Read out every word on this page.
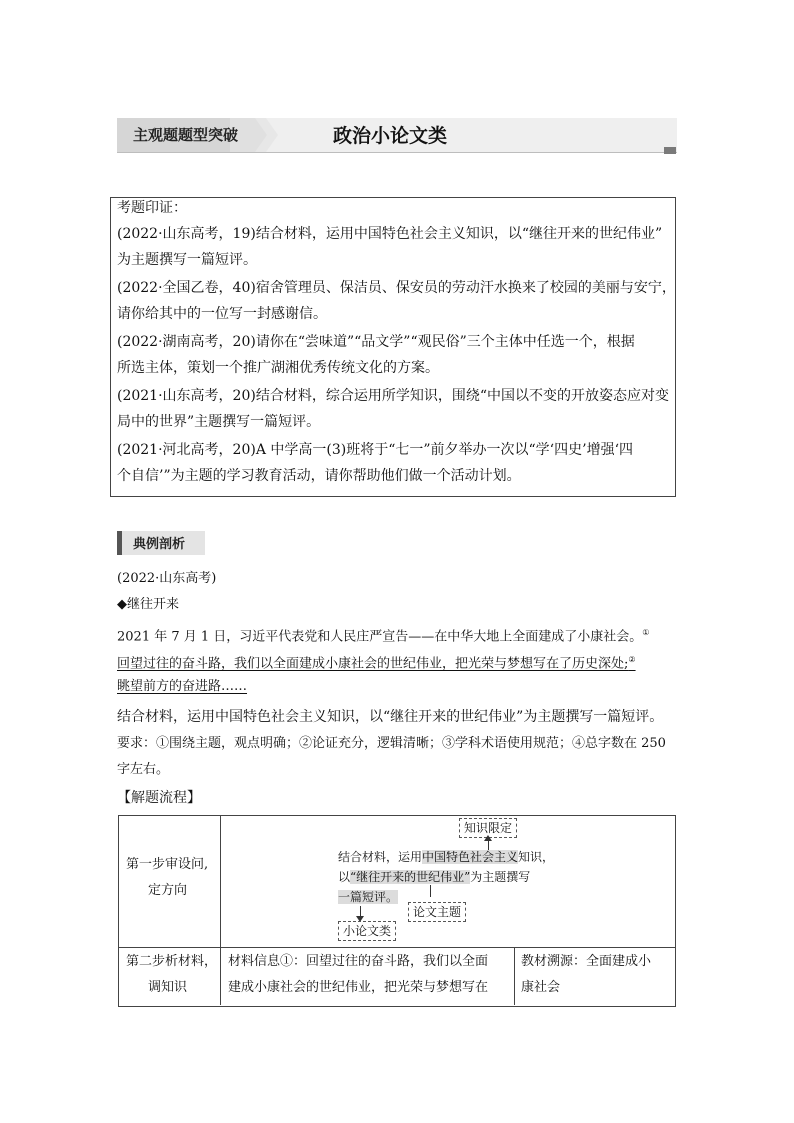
主观题题型突破	政治小论文类
考题印证：
(2022·山东高考，19)结合材料，运用中国特色社会主义知识，以“继往开来的世纪伟业”
为主题撰写一篇短评。
(2022·全国乙卷，40)宿舍管理员、保洁员、保安员的劳动汗水换来了校园的美丽与安宁，
请你给其中的一位写一封感谢信。
(2022·湖南高考，20)请你在“尝味道”“品文学”“观民俗”三个主体中任选一个，根据
所选主体，策划一个推广湖湘优秀传统文化的方案。
(2021·山东高考，20)结合材料，综合运用所学知识，围绕“中国以不变的开放姿态应对变
局中的世界”主题撰写一篇短评。
(2021·河北高考，20)A 中学高一(3)班将于“七一”前夕举办一次以“学‘四史’增强‘四
个自信’”为主题的学习教育活动，请你帮助他们做一个活动计划。
典例剖析
(2022·山东高考)
◆继往开来
2021 年 7 月 1 日，习近平代表党和人民庄严宣告——在中华大地上全面建成了小康社会。①
回望过往的奋斗路，我们以全面建成小康社会的世纪伟业，把光荣与梦想写在了历史深处;②
眺望前方的奋进路……
结合材料，运用中国特色社会主义知识，以“继往开来的世纪伟业”为主题撰写一篇短评。
要求：①围绕主题，观点明确；②论证充分，逻辑清晰；③学科术语使用规范；④总字数在 250
字左右。
【解题流程】
第一步审设问,
定方向
知识限定
结合材料，运用中国特色社会主义知识，
以“继往开来的世纪伟业”为主题撰写
一篇短评。
论文主题
小论文类
第二步析材料，
调知识
材料信息①：回望过往的奋斗路，我们以全面
建成小康社会的世纪伟业，把光荣与梦想写在
教材溯源：全面建成小
康社会
